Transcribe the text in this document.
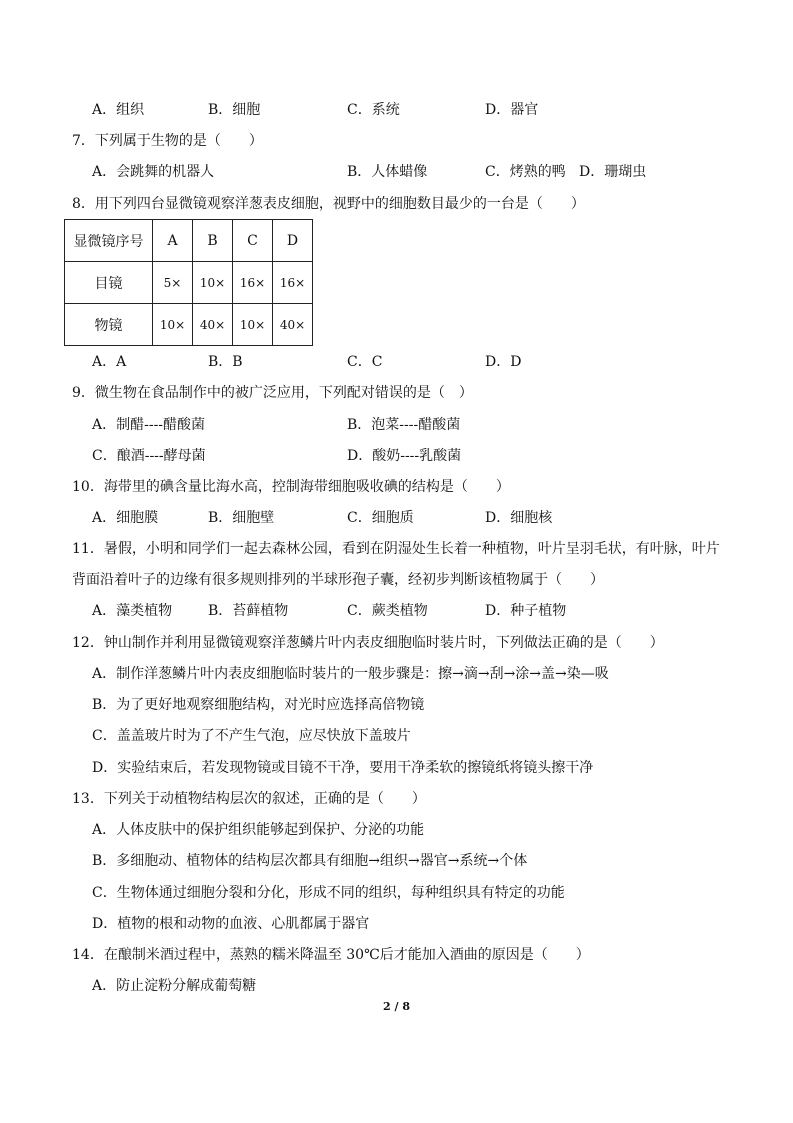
A．组织	B．细胞	C．系统	D．器官
7．下列属于生物的是（　　）
A．会跳舞的机器人	B．人体蜡像	C．烤熟的鸭 D．珊瑚虫
8．用下列四台显微镜观察洋葱表皮细胞，视野中的细胞数目最少的一台是（　　）
显微镜序号	A	B	C	D
目镜	5×	10×	16×	16×
物镜	10×	40×	10×	40×
A．A	B．B	C．C	D．D
9．微生物在食品制作中的被广泛应用，下列配对错误的是（　）
A．制醋----醋酸菌	B．泡菜----醋酸菌
C．酿酒----酵母菌	D．酸奶----乳酸菌
10．海带里的碘含量比海水高，控制海带细胞吸收碘的结构是（　　）
A．细胞膜	B．细胞壁	C．细胞质	D．细胞核
11．暑假，小明和同学们一起去森林公园，看到在阴湿处生长着一种植物，叶片呈羽毛状，有叶脉，叶片
背面沿着叶子的边缘有很多规则排列的半球形孢子囊，经初步判断该植物属于（　　）
A．藻类植物	B．苔藓植物	C．蕨类植物	D．种子植物
12．钟山制作并利用显微镜观察洋葱鳞片叶内表皮细胞临时装片时，下列做法正确的是（　　）
A．制作洋葱鳞片叶内表皮细胞临时装片的一般步骤是：擦→滴→刮→涂→盖→染—吸
B．为了更好地观察细胞结构，对光时应选择高倍物镜
C．盖盖玻片时为了不产生气泡，应尽快放下盖玻片
D．实验结束后，若发现物镜或目镜不干净，要用干净柔软的擦镜纸将镜头擦干净
13．下列关于动植物结构层次的叙述，正确的是（　　）
A．人体皮肤中的保护组织能够起到保护、分泌的功能
B．多细胞动、植物体的结构层次都具有细胞→组织→器官→系统→个体
C．生物体通过细胞分裂和分化，形成不同的组织，每种组织具有特定的功能
D．植物的根和动物的血液、心肌都属于器官
14．在酿制米酒过程中，蒸熟的糯米降温至 30℃后才能加入酒曲的原因是（　　）
A．防止淀粉分解成葡萄糖
2 / 8
